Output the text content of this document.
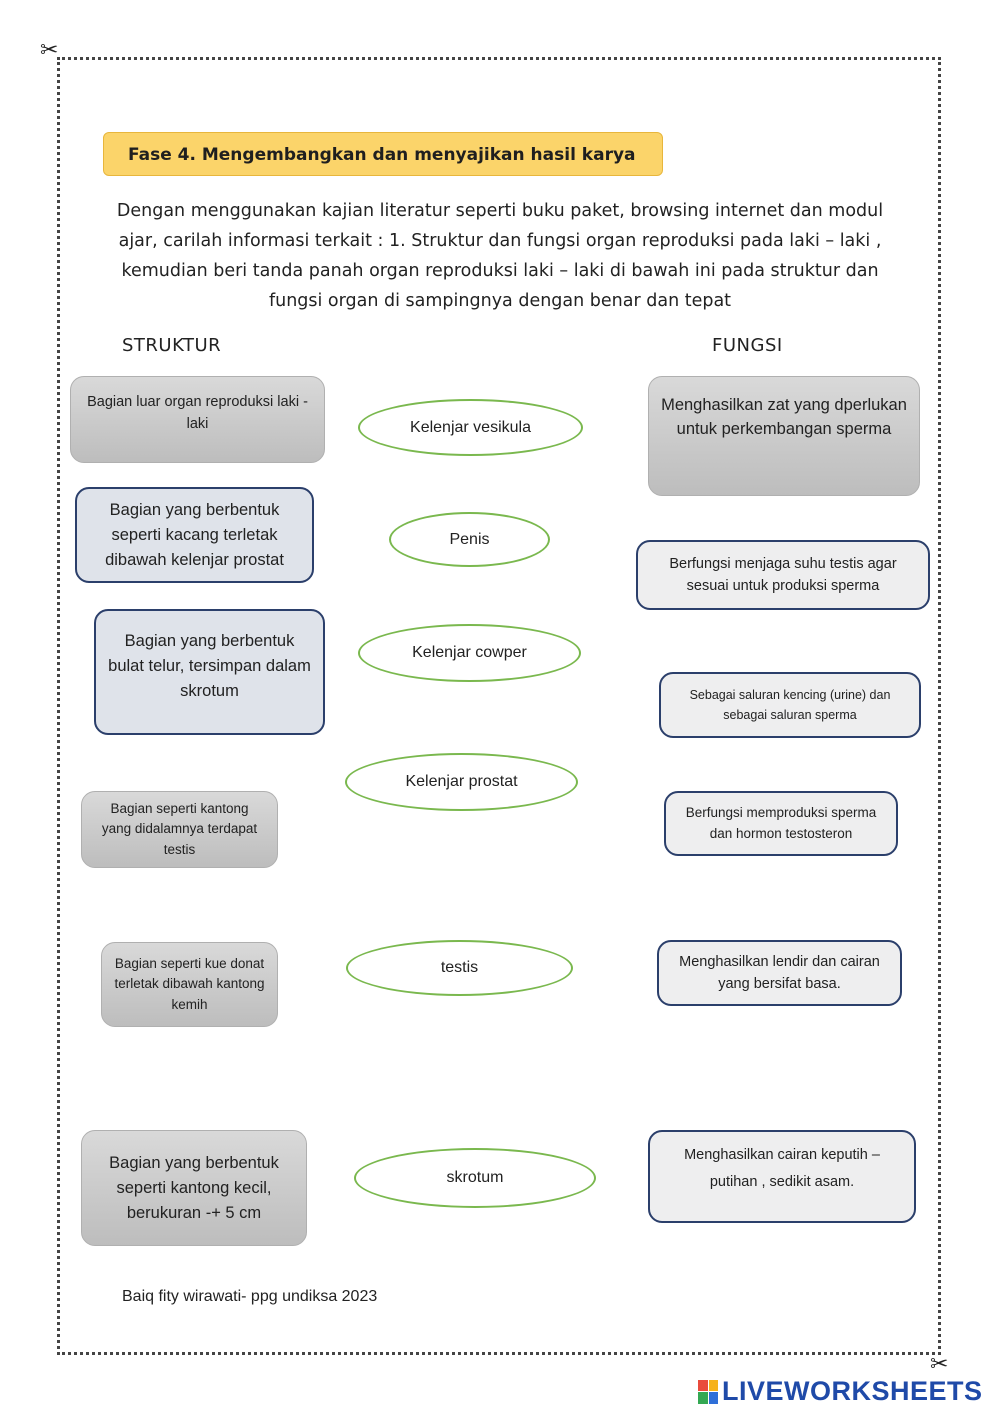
✂
✂
Fase 4. Mengembangkan dan menyajikan hasil karya

Dengan menggunakan kajian literatur seperti buku paket, browsing internet dan modul ajar, carilah informasi terkait : 1. Struktur dan fungsi organ reproduksi pada laki – laki , kemudian beri tanda panah organ reproduksi laki – laki di bawah ini pada struktur dan fungsi organ di sampingnya dengan benar dan tepat

STRUKTUR	FUNGSI
Bagian luar organ reproduksi laki - laki
Bagian yang berbentuk seperti kacang terletak dibawah kelenjar prostat
Bagian yang berbentuk bulat telur, tersimpan dalam skrotum
Bagian seperti kantong yang didalamnya terdapat testis
Bagian seperti kue donat terletak dibawah kantong kemih
Bagian yang berbentuk seperti kantong kecil, berukuran -+ 5 cm
Kelenjar vesikula
Penis
Kelenjar cowper
Kelenjar prostat
testis
skrotum
Menghasilkan zat yang dperlukan untuk perkembangan sperma
Berfungsi menjaga suhu testis agar sesuai untuk produksi sperma
Sebagai saluran kencing (urine) dan sebagai saluran sperma
Berfungsi memproduksi sperma dan hormon testosteron
Menghasilkan lendir dan cairan yang bersifat basa.
Menghasilkan cairan keputih – putihan , sedikit asam.
Baiq fity wirawati- ppg undiksa 2023
LIVEWORKSHEETS
